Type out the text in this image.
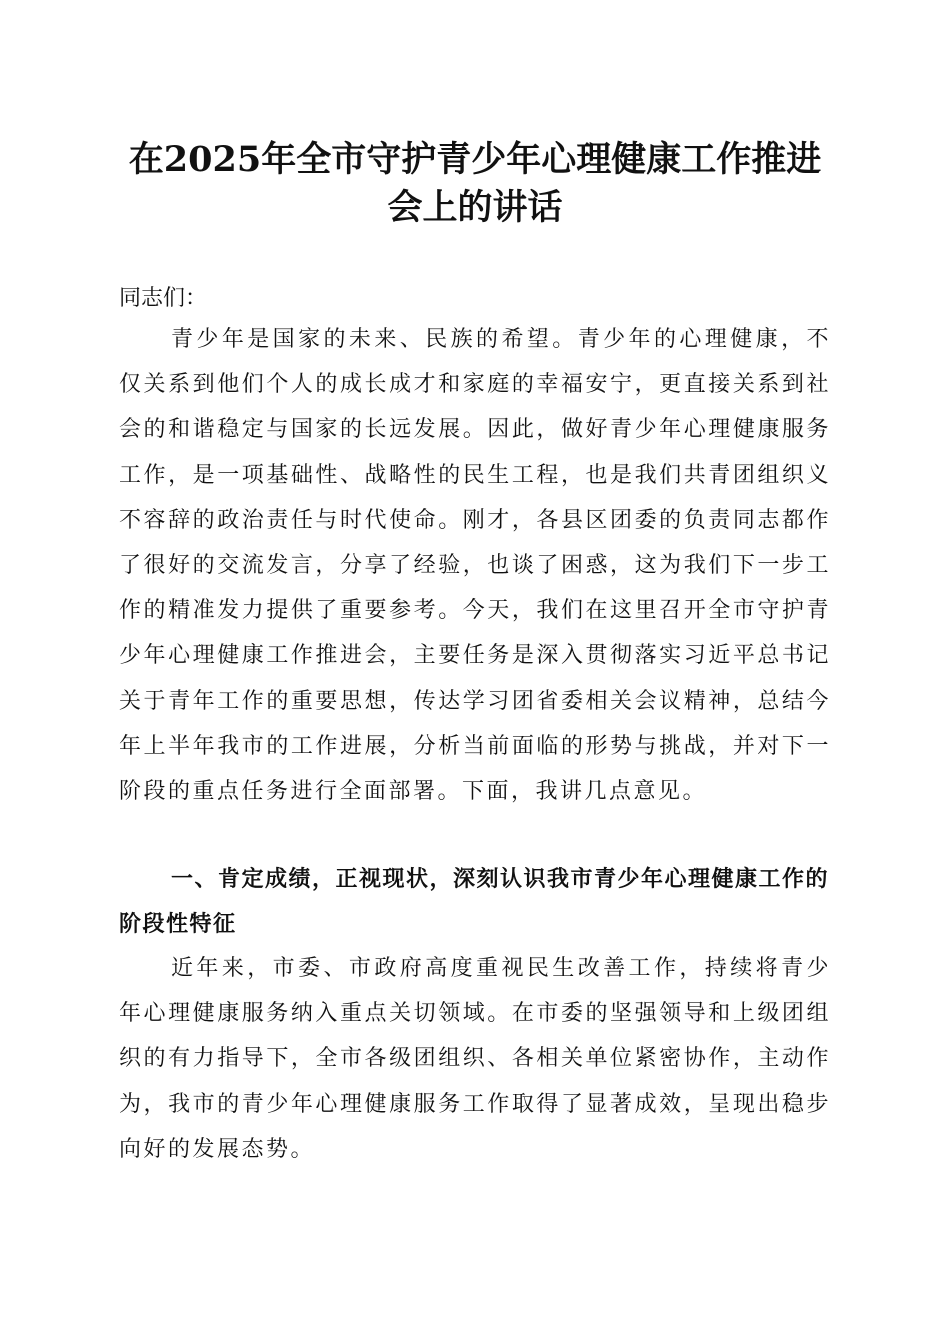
在2025年全市守护青少年心理健康工作推进
会上的讲话
同志们：

青少年是国家的未来、民族的希望。青少年的心理健康，不仅关系到他们个人的成长成才和家庭的幸福安宁，更直接关系到社会的和谐稳定与国家的长远发展。因此，做好青少年心理健康服务工作，是一项基础性、战略性的民生工程，也是我们共青团组织义不容辞的政治责任与时代使命。刚才，各县区团委的负责同志都作了很好的交流发言，分享了经验，也谈了困惑，这为我们下一步工作的精准发力提供了重要参考。今天，我们在这里召开全市守护青少年心理健康工作推进会，主要任务是深入贯彻落实习近平总书记关于青年工作的重要思想，传达学习团省委相关会议精神，总结今年上半年我市的工作进展，分析当前面临的形势与挑战，并对下一阶段的重点任务进行全面部署。下面，我讲几点意见。

一、肯定成绩，正视现状，深刻认识我市青少年心理健康工作的阶段性特征

近年来，市委、市政府高度重视民生改善工作，持续将青少年心理健康服务纳入重点关切领域。在市委的坚强领导和上级团组织的有力指导下，全市各级团组织、各相关单位紧密协作，主动作为，我市的青少年心理健康服务工作取得了显著成效，呈现出稳步向好的发展态势。
